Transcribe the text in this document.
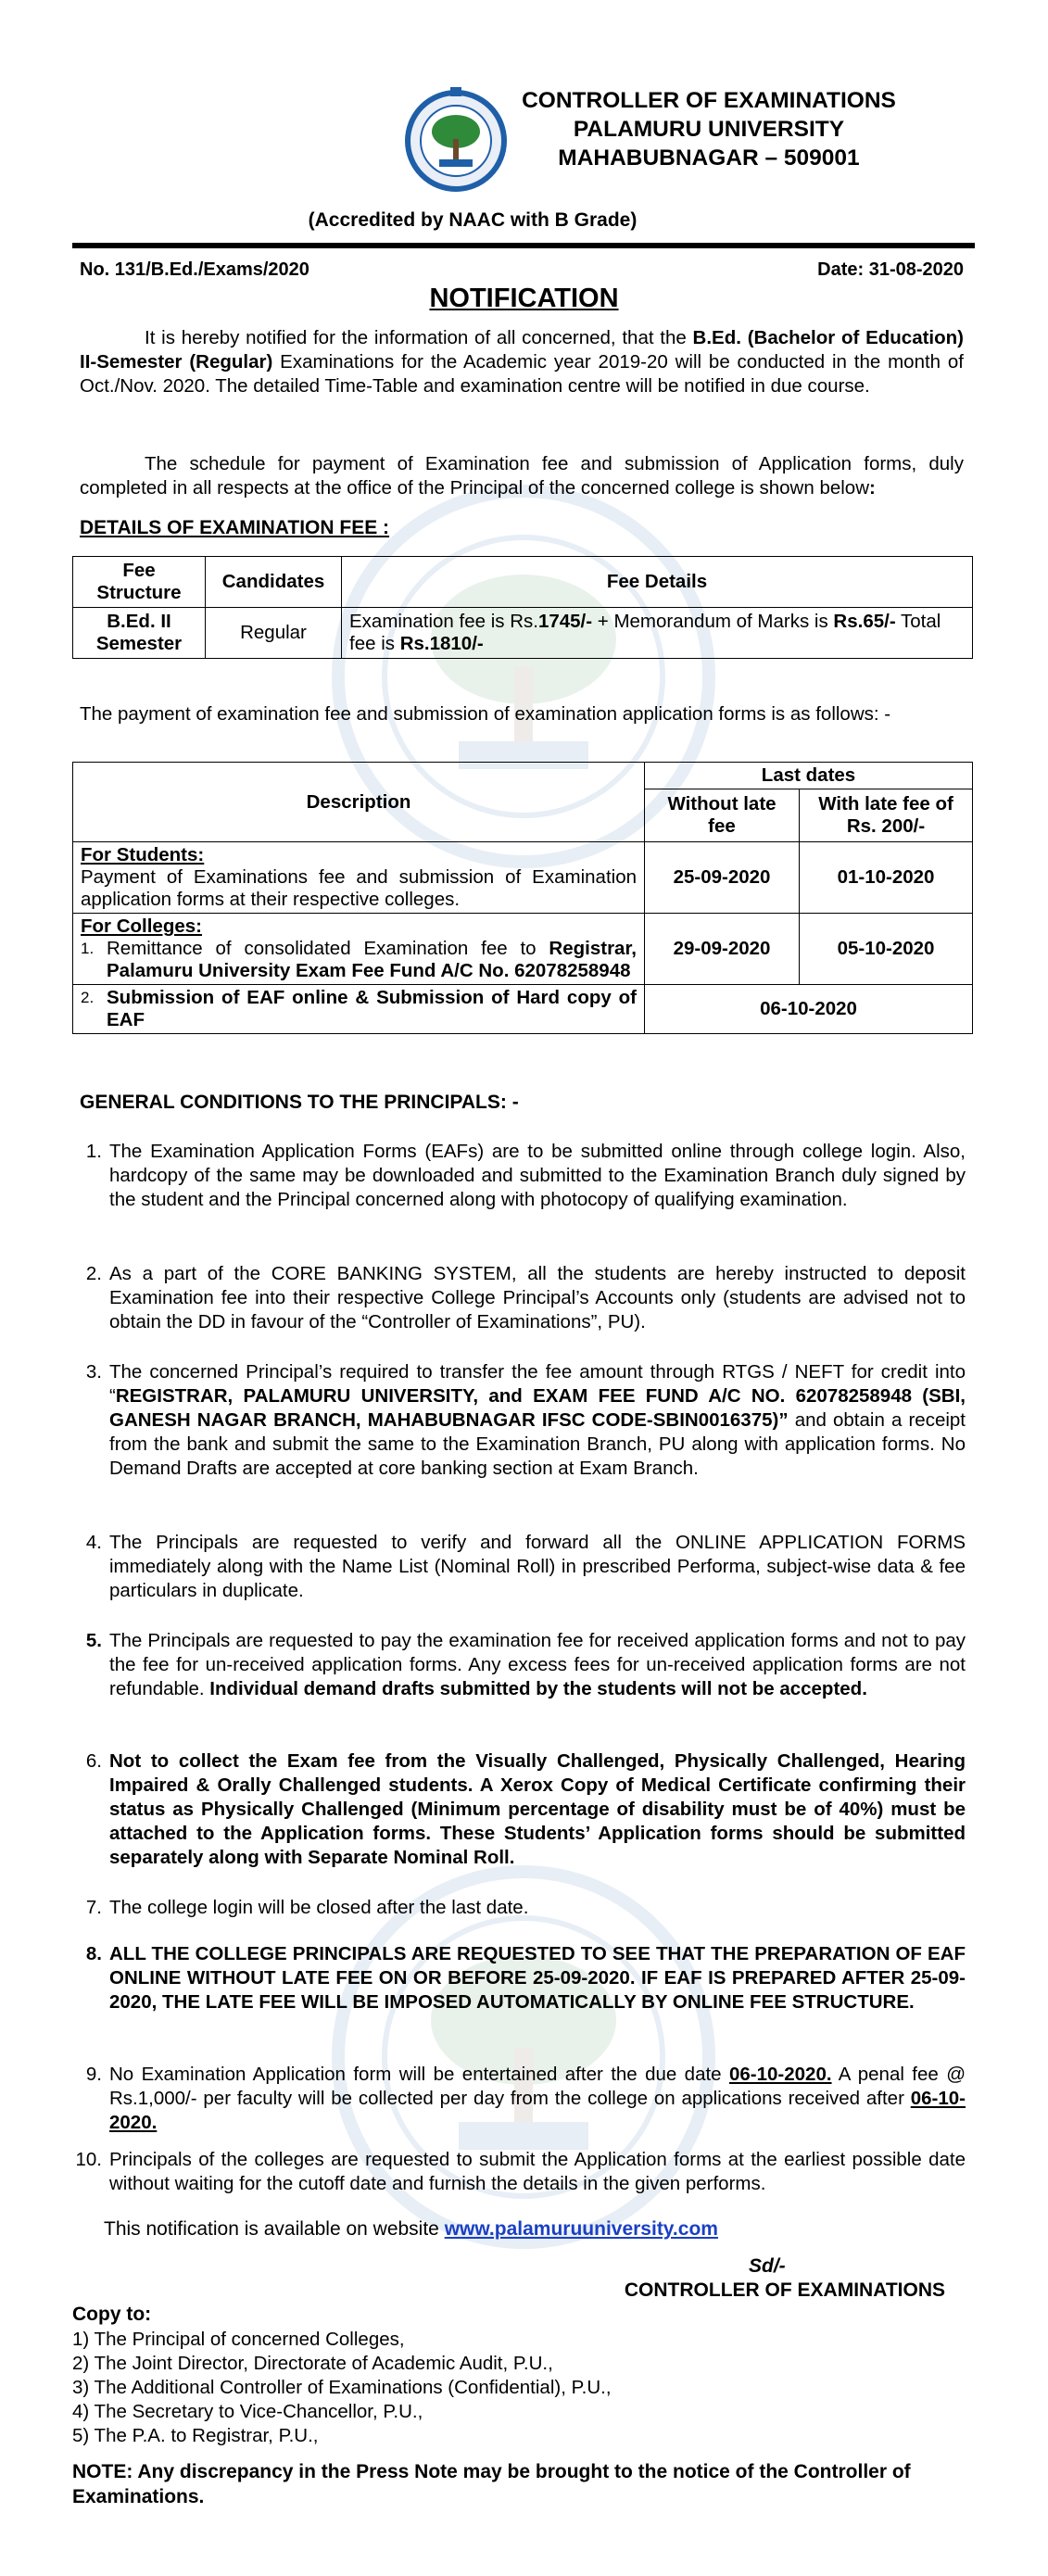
CONTROLLER OF EXAMINATIONS
PALAMURU UNIVERSITY
MAHABUBNAGAR – 509001
(Accredited by NAAC with B Grade)
No. 131/B.Ed./Exams/2020	Date: 31-08-2020
NOTIFICATION
It is hereby notified for the information of all concerned, that the B.Ed. (Bachelor of Education) II-Semester (Regular) Examinations for the Academic year 2019-20 will be conducted in the month of Oct./Nov. 2020. The detailed Time-Table and examination centre will be notified in due course.
The schedule for payment of Examination fee and submission of Application forms, duly completed in all respects at the office of the Principal of the concerned college is shown below:
DETAILS OF EXAMINATION FEE :
Fee Structure	Candidates	Fee Details
B.Ed. II Semester	Regular	Examination fee is Rs.1745/- + Memorandum of Marks is Rs.65/- Total fee is Rs.1810/-
The payment of examination fee and submission of examination application forms is as follows: -
Description	Last dates	
	Without late fee	With late fee of Rs. 200/-

For Students:
Payment of Examinations fee and submission of Examination application forms at their respective colleges.	25-09-2020	01-10-2020

For Colleges:
1. Remittance of consolidated Examination fee to Registrar, Palamuru University Exam Fee Fund A/C No. 62078258948	29-09-2020	05-10-2020

2. Submission of EAF online & Submission of Hard copy of EAF	06-10-2020	
GENERAL CONDITIONS TO THE PRINCIPALS: -
1. The Examination Application Forms (EAFs) are to be submitted online through college login. Also, hardcopy of the same may be downloaded and submitted to the Examination Branch duly signed by the student and the Principal concerned along with photocopy of qualifying examination.
2. As a part of the CORE BANKING SYSTEM, all the students are hereby instructed to deposit Examination fee into their respective College Principal’s Accounts only (students are advised not to obtain the DD in favour of the “Controller of Examinations”, PU).
3. The concerned Principal’s required to transfer the fee amount through RTGS / NEFT for credit into “REGISTRAR, PALAMURU UNIVERSITY, and EXAM FEE FUND A/C NO. 62078258948 (SBI, GANESH NAGAR BRANCH, MAHABUBNAGAR IFSC CODE-SBIN0016375)” and obtain a receipt from the bank and submit the same to the Examination Branch, PU along with application forms. No Demand Drafts are accepted at core banking section at Exam Branch.
4. The Principals are requested to verify and forward all the ONLINE APPLICATION FORMS immediately along with the Name List (Nominal Roll) in prescribed Performa, subject-wise data & fee particulars in duplicate.
5. The Principals are requested to pay the examination fee for received application forms and not to pay the fee for un-received application forms. Any excess fees for un-received application forms are not refundable. Individual demand drafts submitted by the students will not be accepted.
6. Not to collect the Exam fee from the Visually Challenged, Physically Challenged, Hearing Impaired & Orally Challenged students. A Xerox Copy of Medical Certificate confirming their status as Physically Challenged (Minimum percentage of disability must be of 40%) must be attached to the Application forms. These Students’ Application forms should be submitted separately along with Separate Nominal Roll.
7. The college login will be closed after the last date.
8. ALL THE COLLEGE PRINCIPALS ARE REQUESTED TO SEE THAT THE PREPARATION OF EAF ONLINE WITHOUT LATE FEE ON OR BEFORE 25-09-2020. IF EAF IS PREPARED AFTER 25-09-2020, THE LATE FEE WILL BE IMPOSED AUTOMATICALLY BY ONLINE FEE STRUCTURE.
9. No Examination Application form will be entertained after the due date 06-10-2020. A penal fee @ Rs.1,000/- per faculty will be collected per day from the college on applications received after 06-10-2020.
10. Principals of the colleges are requested to submit the Application forms at the earliest possible date without waiting for the cutoff date and furnish the details in the given performs.
This notification is available on website www.palamuruuniversity.com
Sd/-
CONTROLLER OF EXAMINATIONS
Copy to:
1) The Principal of concerned Colleges,
2) The Joint Director, Directorate of Academic Audit, P.U.,
3) The Additional Controller of Examinations (Confidential), P.U.,
4) The Secretary to Vice-Chancellor, P.U.,
5) The P.A. to Registrar, P.U.,
NOTE: Any discrepancy in the Press Note may be brought to the notice of the Controller of Examinations.
